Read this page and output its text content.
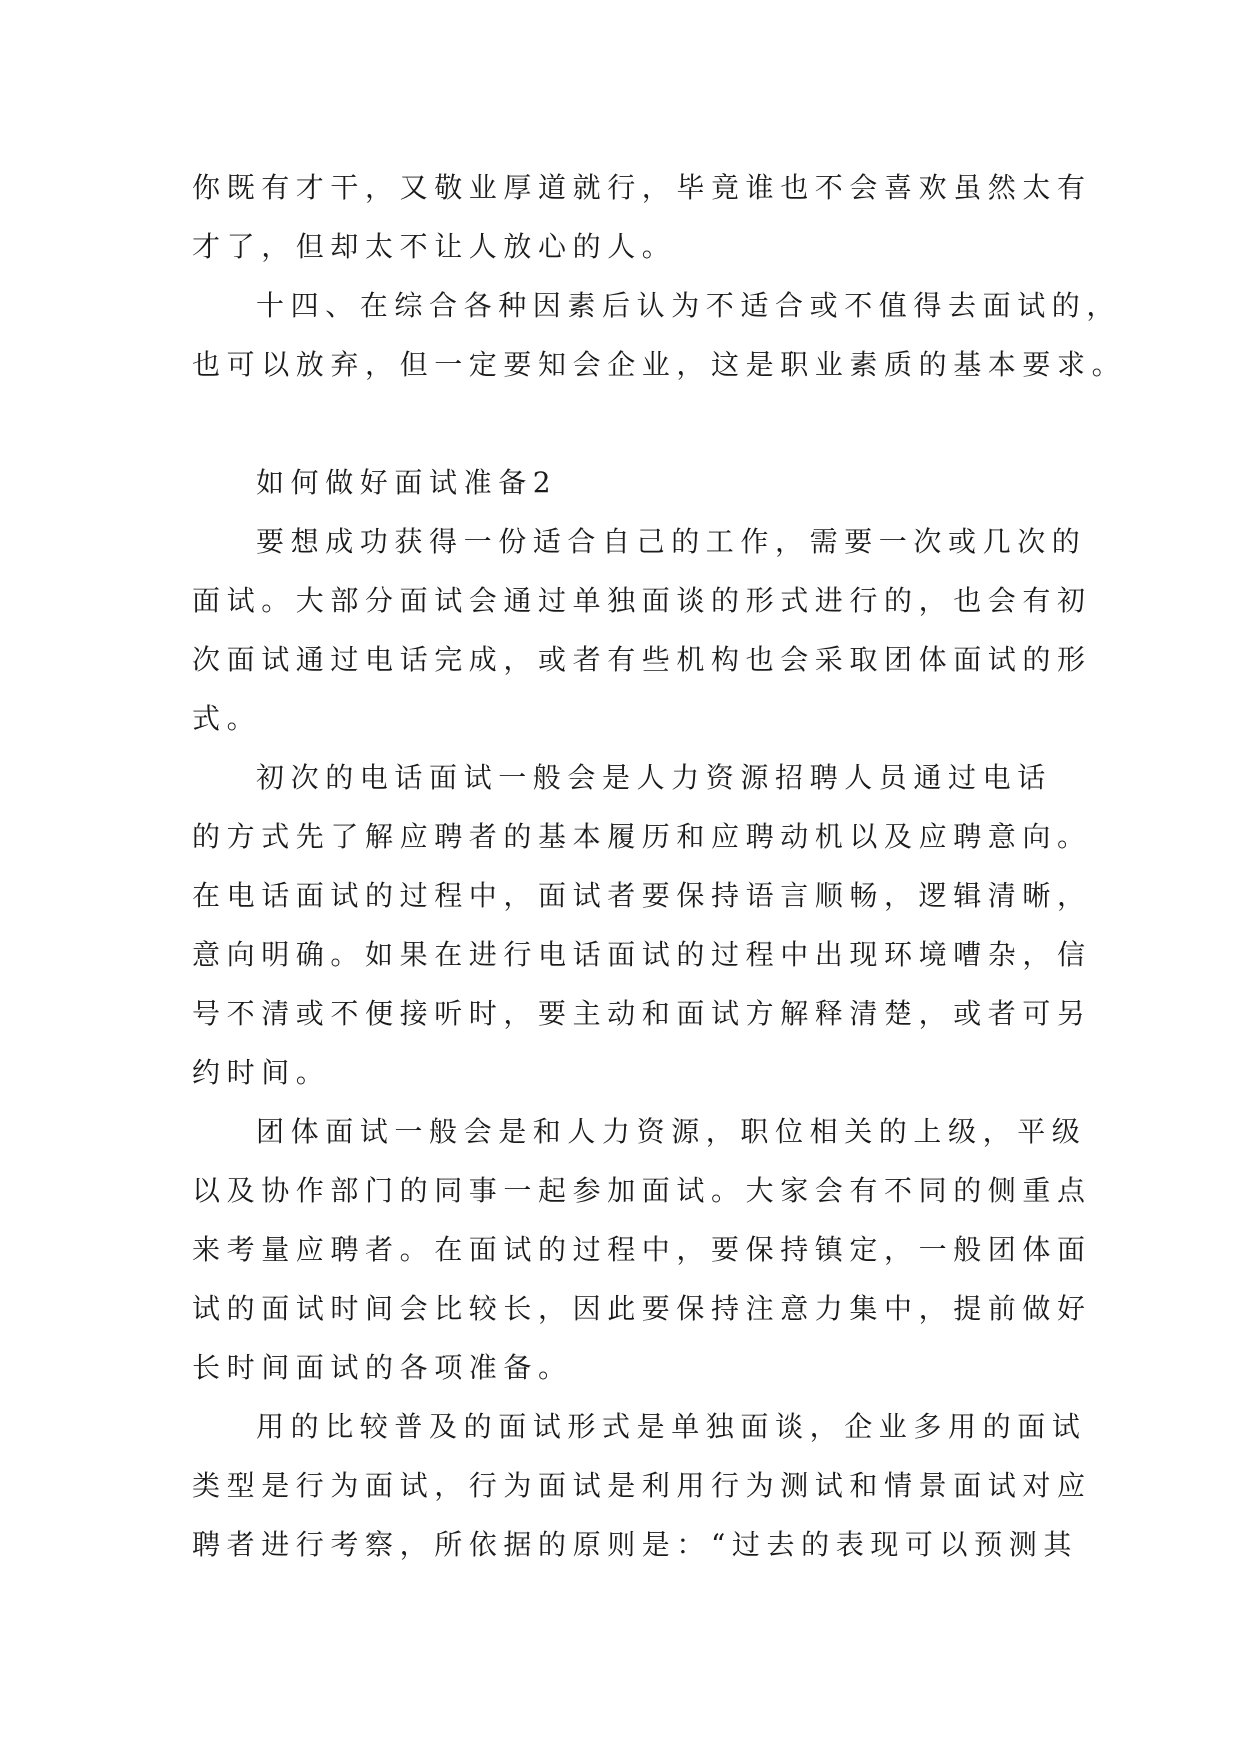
你既有才干，又敬业厚道就行，毕竟谁也不会喜欢虽然太有
才了，但却太不让人放心的人。
十四、在综合各种因素后认为不适合或不值得去面试的，
也可以放弃，但一定要知会企业，这是职业素质的基本要求。
如何做好面试准备2
要想成功获得一份适合自己的工作，需要一次或几次的
面试。大部分面试会通过单独面谈的形式进行的，也会有初
次面试通过电话完成，或者有些机构也会采取团体面试的形
式。
初次的电话面试一般会是人力资源招聘人员通过电话
的方式先了解应聘者的基本履历和应聘动机以及应聘意向。
在电话面试的过程中，面试者要保持语言顺畅，逻辑清晰，
意向明确。如果在进行电话面试的过程中出现环境嘈杂，信
号不清或不便接听时，要主动和面试方解释清楚，或者可另
约时间。
团体面试一般会是和人力资源，职位相关的上级，平级
以及协作部门的同事一起参加面试。大家会有不同的侧重点
来考量应聘者。在面试的过程中，要保持镇定，一般团体面
试的面试时间会比较长，因此要保持注意力集中，提前做好
长时间面试的各项准备。
用的比较普及的面试形式是单独面谈，企业多用的面试
类型是行为面试，行为面试是利用行为测试和情景面试对应
聘者进行考察，所依据的原则是：“过去的表现可以预测其
